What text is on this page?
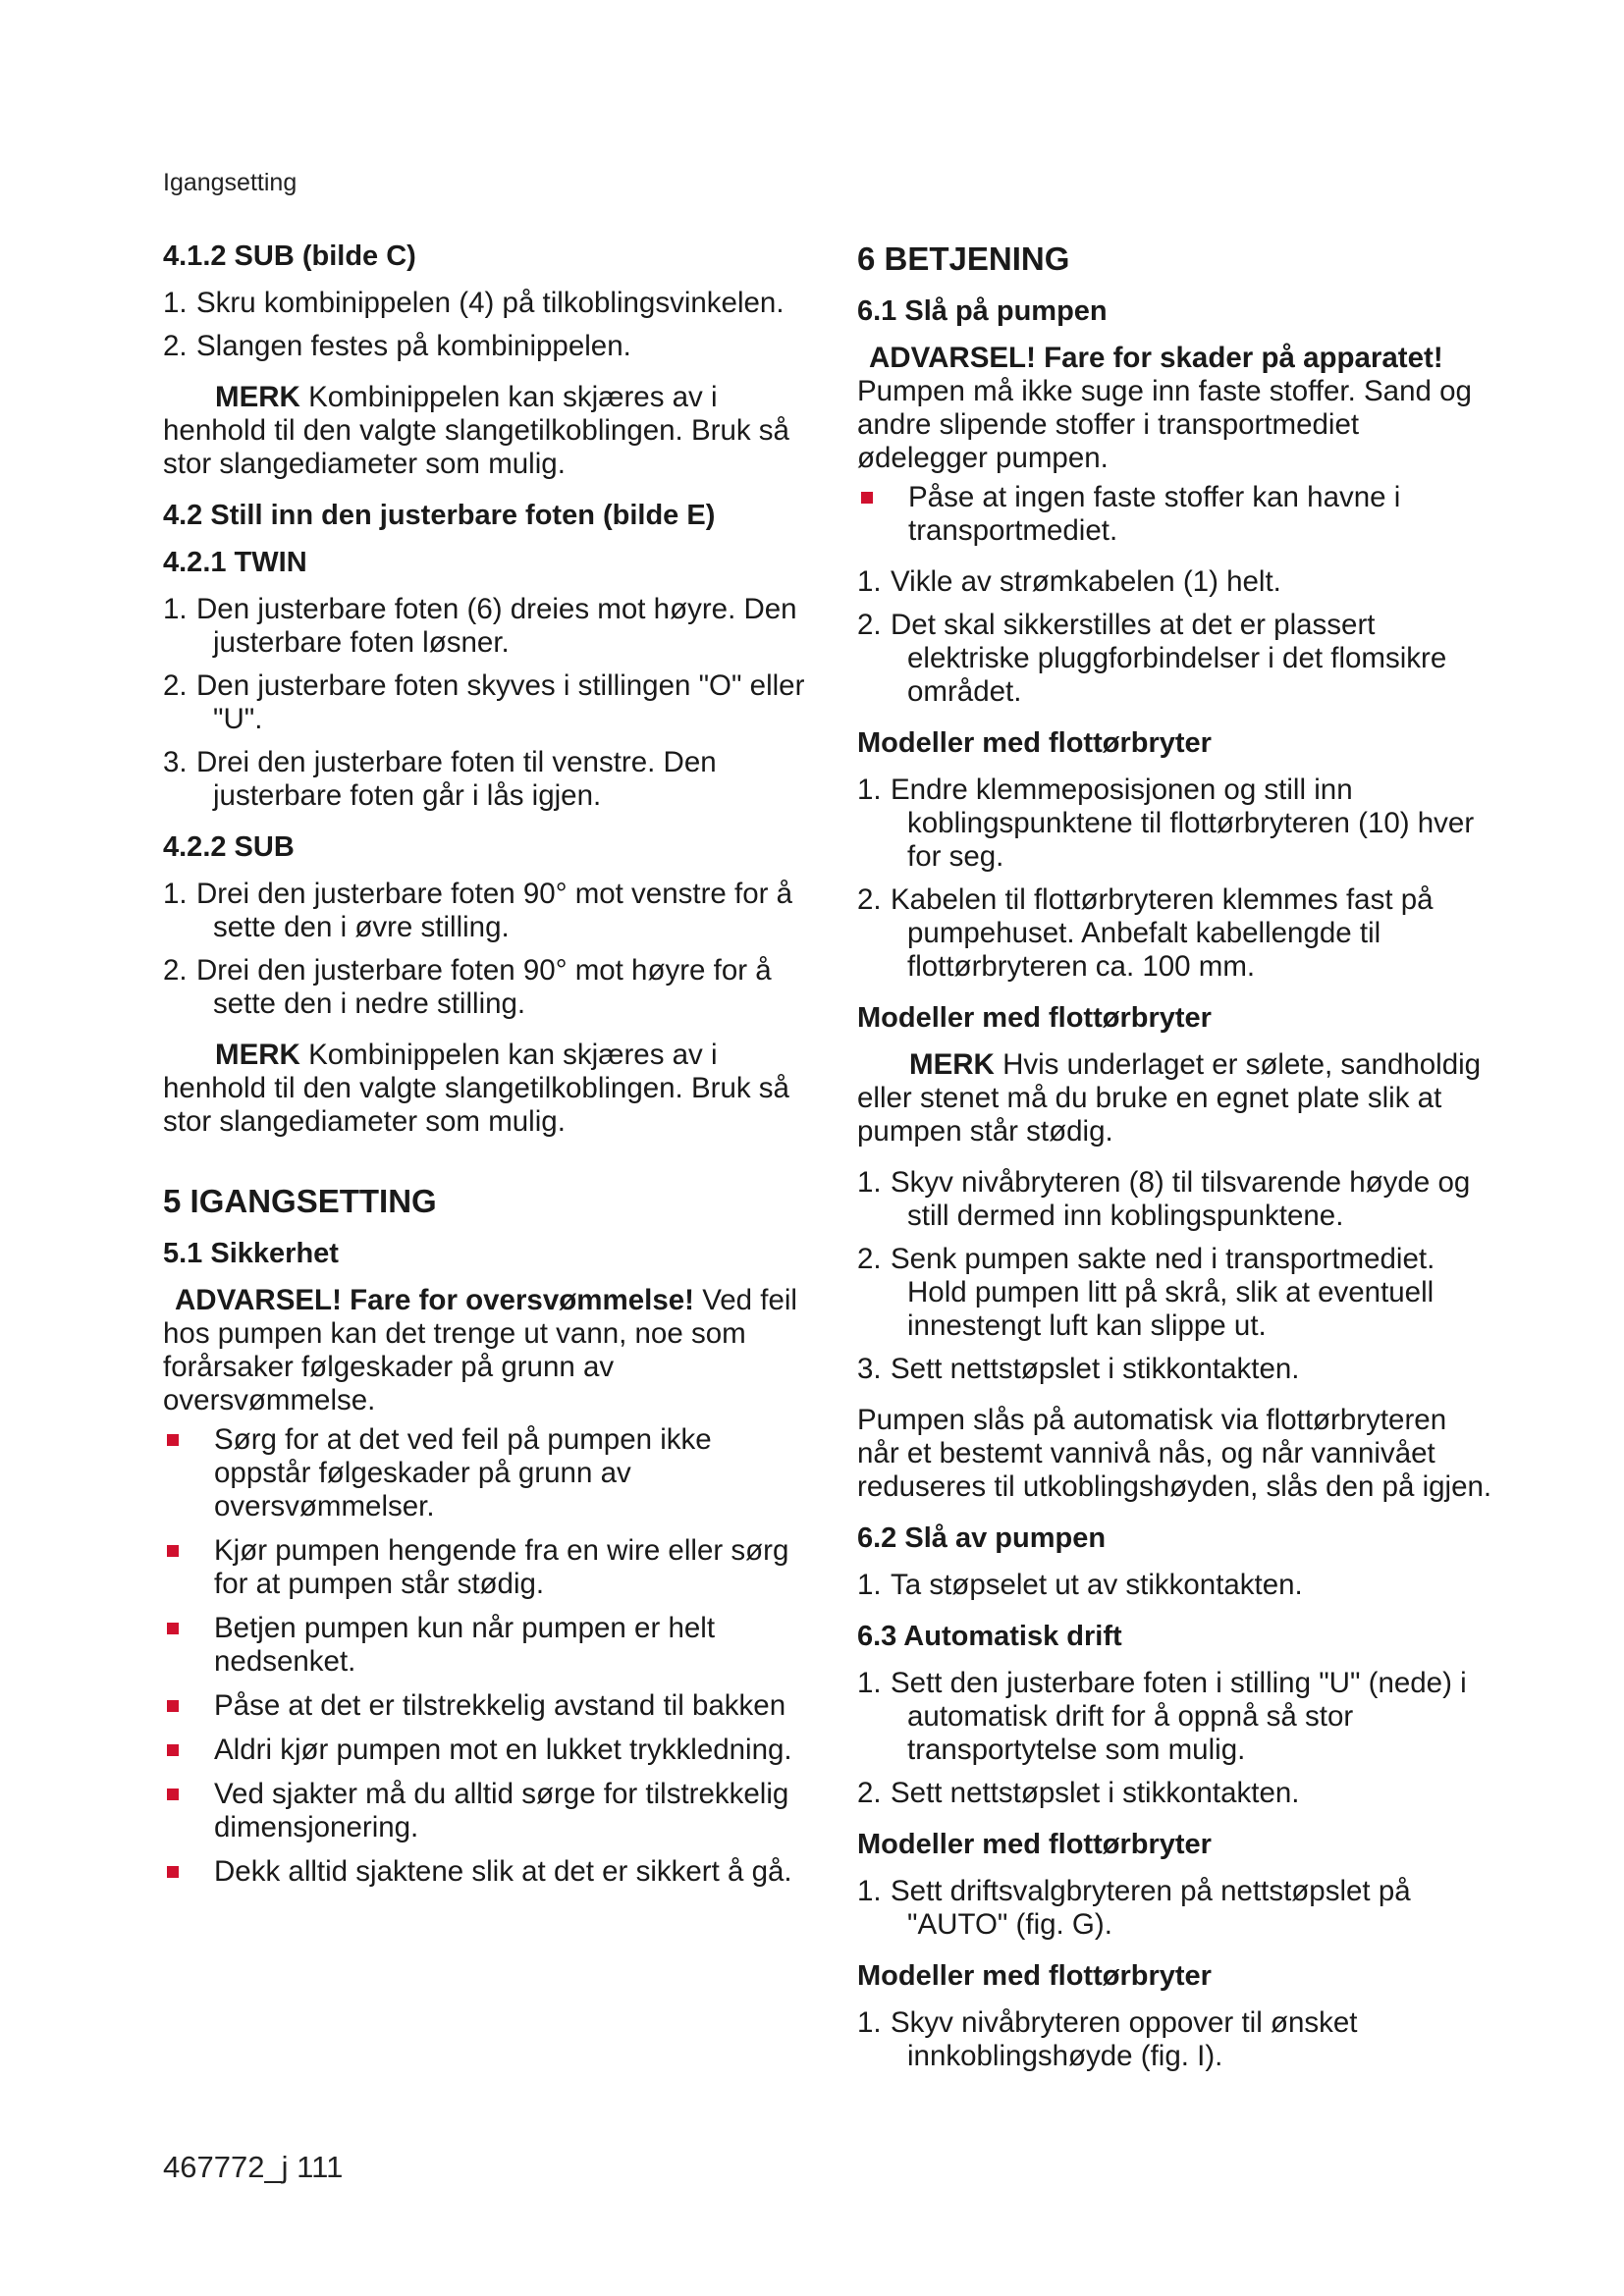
Igangsetting
4.1.2 SUB (bilde C)
1. Skru kombinippelen (4) på tilkoblingsvinkelen.
2. Slangen festes på kombinippelen.

MERK Kombinippelen kan skjæres av i henhold til den valgte slangetilkoblingen. Bruk så stor slangediameter som mulig.

4.2 Still inn den justerbare foten (bilde E)
4.2.1 TWIN
1. Den justerbare foten (6) dreies mot høyre. Den justerbare foten løsner.
2. Den justerbare foten skyves i stillingen "O" eller "U".
3. Drei den justerbare foten til venstre. Den justerbare foten går i lås igjen.
4.2.2 SUB
1. Drei den justerbare foten 90° mot venstre for å sette den i øvre stilling.
2. Drei den justerbare foten 90° mot høyre for å sette den i nedre stilling.

MERK Kombinippelen kan skjæres av i henhold til den valgte slangetilkoblingen. Bruk så stor slangediameter som mulig.

5 IGANGSETTING
5.1 Sikkerhet

ADVARSEL! Fare for oversvømmelse! Ved feil hos pumpen kan det trenge ut vann, noe som forårsaker følgeskader på grunn av oversvømmelse.

Sørg for at det ved feil på pumpen ikke oppstår følgeskader på grunn av oversvømmelser.
Kjør pumpen hengende fra en wire eller sørg for at pumpen står stødig.
Betjen pumpen kun når pumpen er helt nedsenket.
Påse at det er tilstrekkelig avstand til bakken
Aldri kjør pumpen mot en lukket trykkledning.
Ved sjakter må du alltid sørge for tilstrekkelig dimensjonering.
Dekk alltid sjaktene slik at det er sikkert å gå.
6 BETJENING
6.1 Slå på pumpen

ADVARSEL! Fare for skader på apparatet!
Pumpen må ikke suge inn faste stoffer. Sand og andre slipende stoffer i transportmediet ødelegger pumpen.

Påse at ingen faste stoffer kan havne i transportmediet.
1. Vikle av strømkabelen (1) helt.
2. Det skal sikkerstilles at det er plassert elektriske pluggforbindelser i det flomsikre området.
Modeller med flottørbryter
1. Endre klemmeposisjonen og still inn koblingspunktene til flottørbryteren (10) hver for seg.
2. Kabelen til flottørbryteren klemmes fast på pumpehuset. Anbefalt kabellengde til flottørbryteren ca. 100 mm.
Modeller med flottørbryter

MERK Hvis underlaget er sølete, sandholdig eller stenet må du bruke en egnet plate slik at pumpen står stødig.

1. Skyv nivåbryteren (8) til tilsvarende høyde og still dermed inn koblingspunktene.
2. Senk pumpen sakte ned i transportmediet. Hold pumpen litt på skrå, slik at eventuell innestengt luft kan slippe ut.
3. Sett nettstøpslet i stikkontakten.

Pumpen slås på automatisk via flottørbryteren når et bestemt vannivå nås, og når vannivået reduseres til utkoblingshøyden, slås den på igjen.

6.2 Slå av pumpen
1. Ta støpselet ut av stikkontakten.
6.3 Automatisk drift
1. Sett den justerbare foten i stilling "U" (nede) i automatisk drift for å oppnå så stor transportytelse som mulig.
2. Sett nettstøpslet i stikkontakten.
Modeller med flottørbryter
1. Sett driftsvalgbryteren på nettstøpslet på "AUTO" (fig. G).
Modeller med flottørbryter
1. Skyv nivåbryteren oppover til ønsket innkoblingshøyde (fig. I).
467772_j 111
